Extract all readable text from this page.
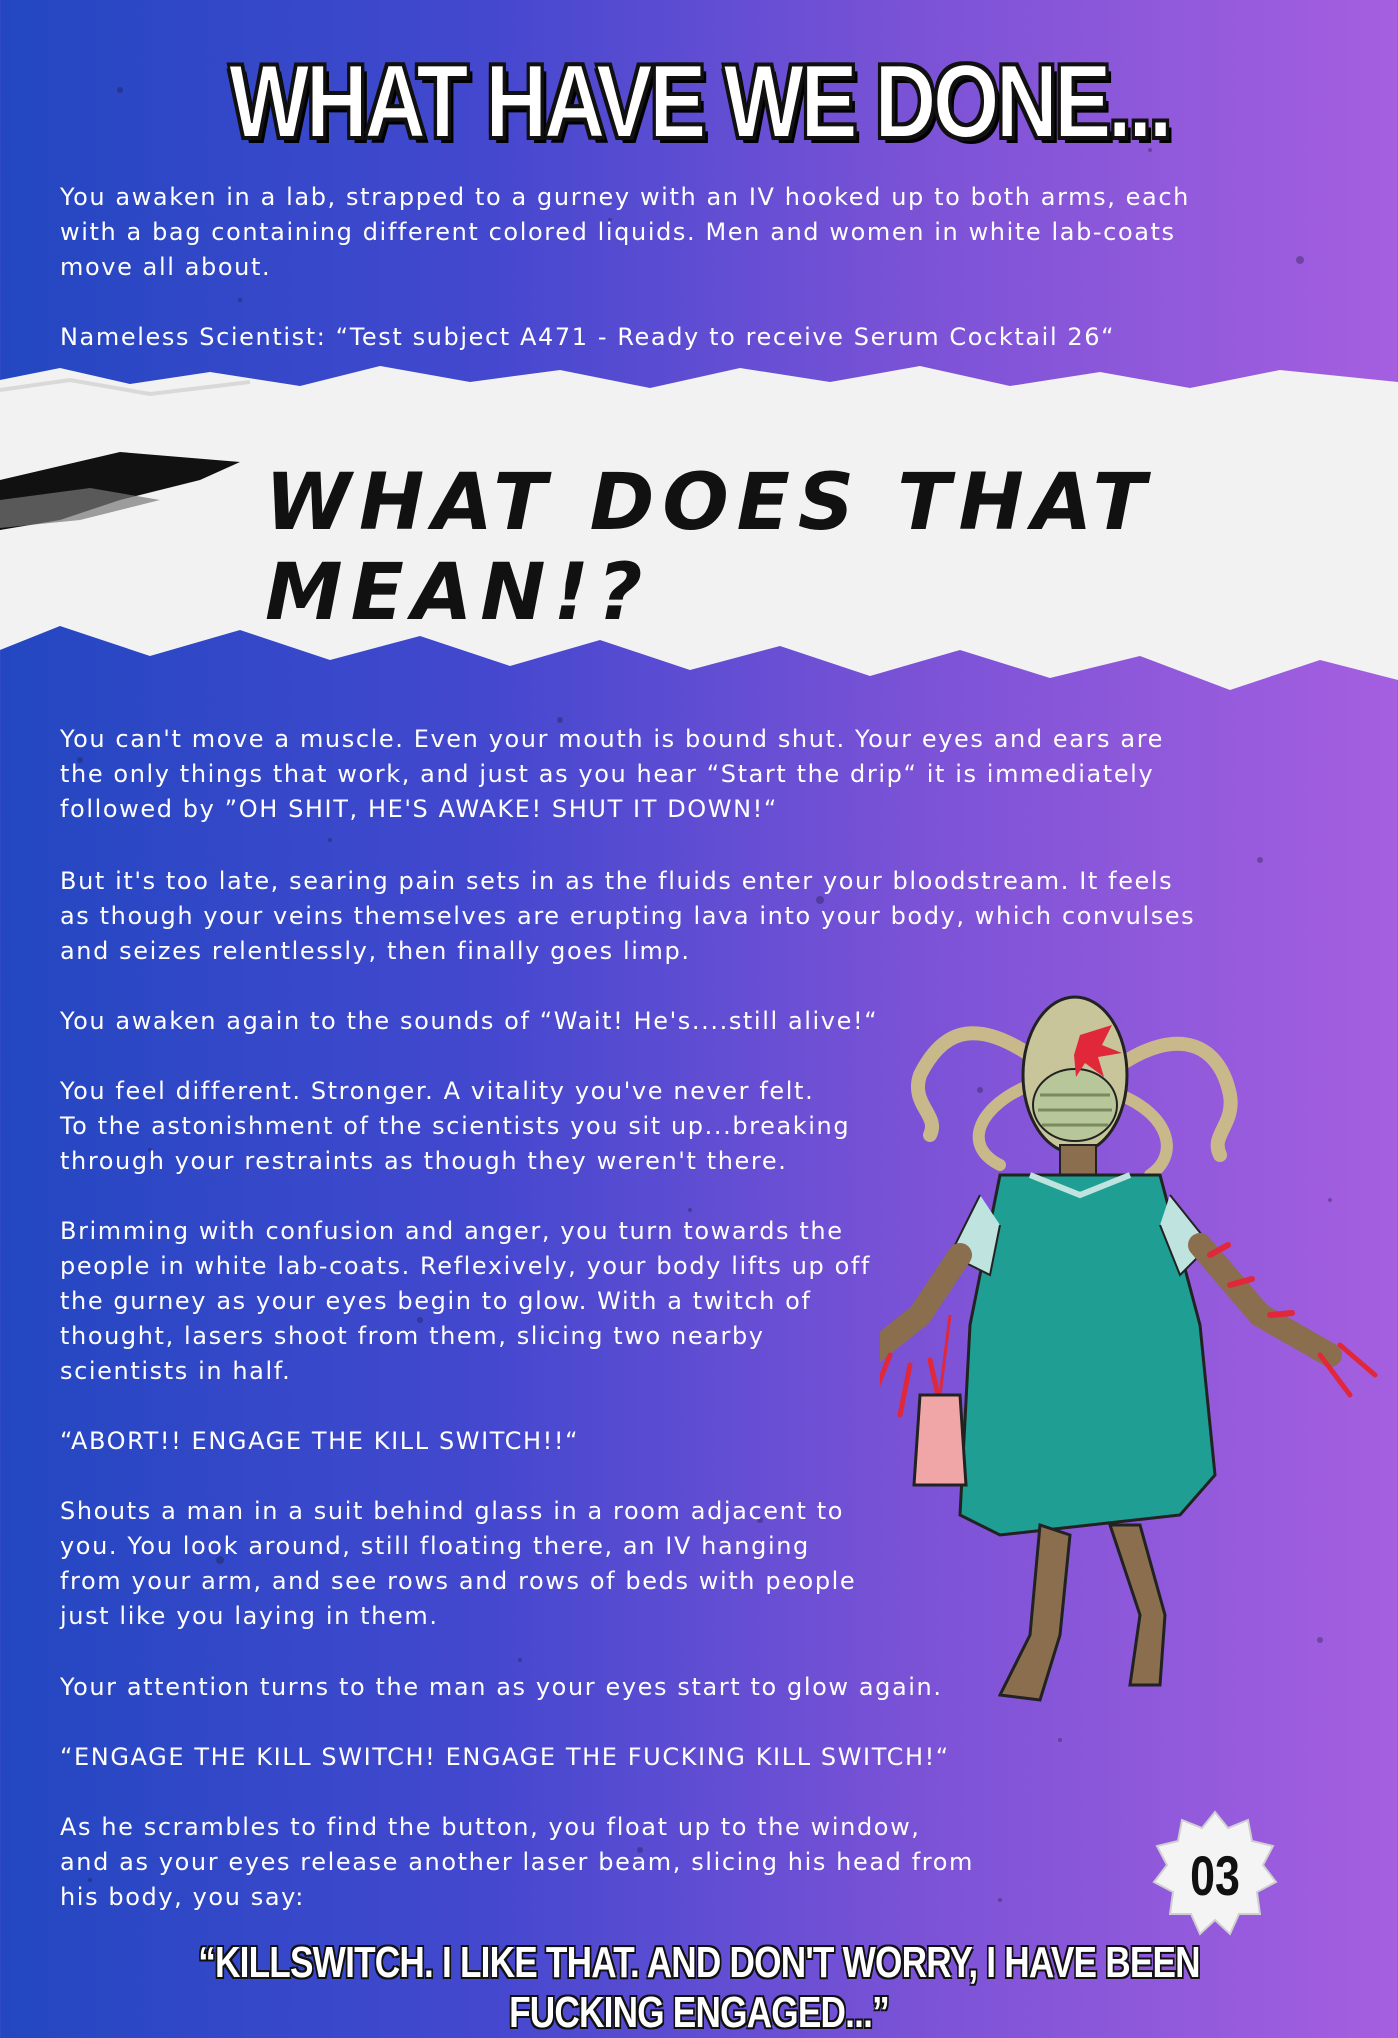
WHAT HAVE WE DONE...

You awaken in a lab, strapped to a gurney with an IV hooked up to both arms, each
with a bag containing different colored liquids. Men and women in white lab-coats
move all about.

Nameless Scientist: “Test subject A471 - Ready to receive Serum Cocktail 26“

WHAT DOES THAT MEAN!?

You can't move a muscle. Even your mouth is bound shut. Your eyes and ears are
the only things that work, and just as you hear “Start the drip“ it is immediately
followed by ”OH SHIT, HE'S AWAKE! SHUT IT DOWN!“

But it's too late, searing pain sets in as the fluids enter your bloodstream. It feels
as though your veins themselves are erupting lava into your body, which convulses
and seizes relentlessly, then finally goes limp.

You awaken again to the sounds of “Wait! He's....still alive!“

You feel different. Stronger. A vitality you've never felt.
To the astonishment of the scientists you sit up...breaking
through your restraints as though they weren't there.

Brimming with confusion and anger, you turn towards the
people in white lab-coats. Reflexively, your body lifts up off
the gurney as your eyes begin to glow. With a twitch of
thought, lasers shoot from them, slicing two nearby
scientists in half.

“ABORT!! ENGAGE THE KILL SWITCH!!“

Shouts a man in a suit behind glass in a room adjacent to
you. You look around, still floating there, an IV hanging
from your arm, and see rows and rows of beds with people
just like you laying in them.

Your attention turns to the man as your eyes start to glow again.

“ENGAGE THE KILL SWITCH! ENGAGE THE FUCKING KILL SWITCH!“

As he scrambles to find the button, you float up to the window,
and as your eyes release another laser beam, slicing his head from
his body, you say:	03

“KILLSWITCH. I LIKE THAT. AND DON'T WORRY, I HAVE BEEN FUCKING ENGAGED...”
